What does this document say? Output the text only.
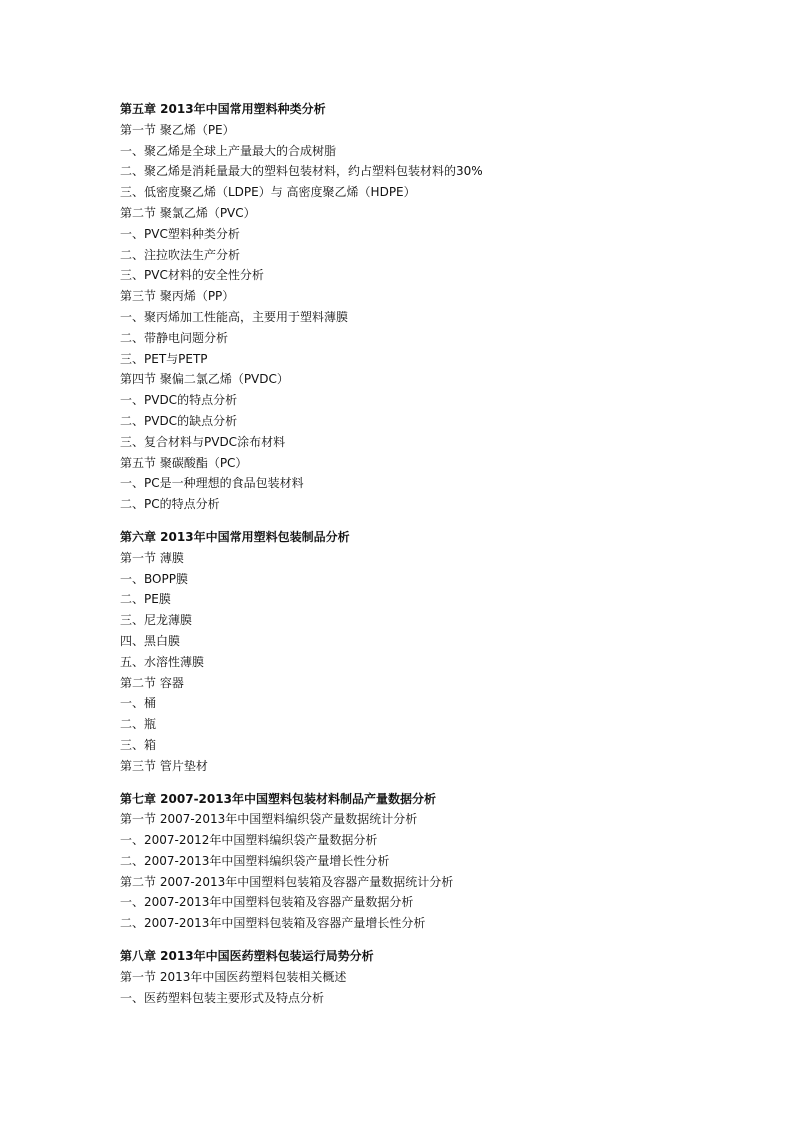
第五章 2013年中国常用塑料种类分析
第一节 聚乙烯（PE）
一、聚乙烯是全球上产量最大的合成树脂
二、聚乙烯是消耗量最大的塑料包装材料，约占塑料包装材料的30%
三、低密度聚乙烯（LDPE）与 高密度聚乙烯（HDPE）
第二节 聚氯乙烯（PVC）
一、PVC塑料种类分析
二、注拉吹法生产分析
三、PVC材料的安全性分析
第三节 聚丙烯（PP）
一、聚丙烯加工性能高，主要用于塑料薄膜
二、带静电问题分析
三、PET与PETP
第四节 聚偏二氯乙烯（PVDC）
一、PVDC的特点分析
二、PVDC的缺点分析
三、复合材料与PVDC涂布材料
第五节 聚碳酸酯（PC）
一、PC是一种理想的食品包装材料
二、PC的特点分析
第六章 2013年中国常用塑料包装制品分析
第一节 薄膜
一、BOPP膜
二、PE膜
三、尼龙薄膜
四、黑白膜
五、水溶性薄膜
第二节 容器
一、桶
二、瓶
三、箱
第三节 管片垫材
第七章 2007-2013年中国塑料包装材料制品产量数据分析
第一节 2007-2013年中国塑料编织袋产量数据统计分析
一、2007-2012年中国塑料编织袋产量数据分析
二、2007-2013年中国塑料编织袋产量增长性分析
第二节 2007-2013年中国塑料包装箱及容器产量数据统计分析
一、2007-2013年中国塑料包装箱及容器产量数据分析
二、2007-2013年中国塑料包装箱及容器产量增长性分析
第八章 2013年中国医药塑料包装运行局势分析
第一节 2013年中国医药塑料包装相关概述
一、医药塑料包装主要形式及特点分析
